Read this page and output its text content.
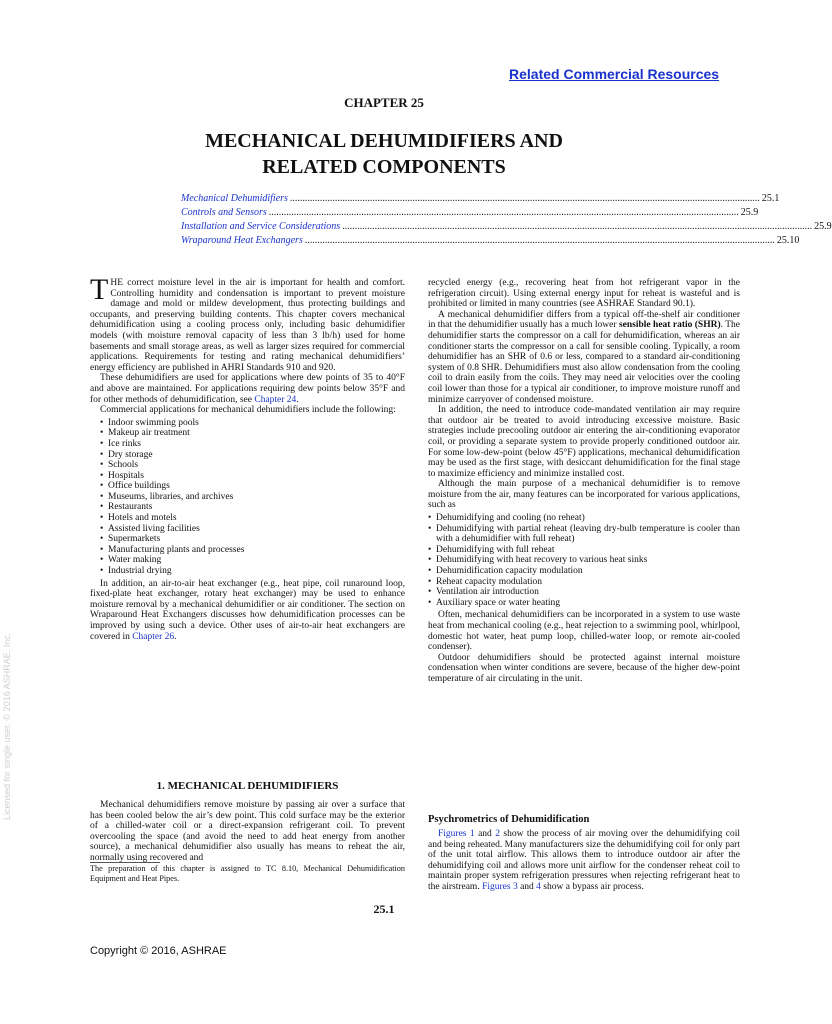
Related Commercial Resources
CHAPTER 25
MECHANICAL DEHUMIDIFIERS AND
RELATED COMPONENTS
Mechanical Dehumidifiers ............................................................................................................................................................................................ 25.1
Controls and Sensors ............................................................................................................................................................................................ 25.9
Installation and Service Considerations ............................................................................................................................................................................................ 25.9
Wraparound Heat Exchangers ............................................................................................................................................................................................ 25.10
Licensed for single user. © 2016 ASHRAE, Inc.

THE correct moisture level in the air is important for health and comfort. Controlling humidity and condensation is important to prevent moisture damage and mold or mildew development, thus protecting buildings and occupants, and preserving building contents. This chapter covers mechanical dehumidification using a cooling process only, including basic dehumidifier models (with moisture removal capacity of less than 3 lb/h) used for home basements and small storage areas, as well as larger sizes required for commercial applications. Requirements for testing and rating mechanical dehumidifiers’ energy efficiency are published in AHRI Standards 910 and 920.

These dehumidifiers are used for applications where dew points of 35 to 40°F and above are maintained. For applications requiring dew points below 35°F and for other methods of dehumidification, see Chapter 24.

Commercial applications for mechanical dehumidifiers include the following:

• Indoor swimming pools
• Makeup air treatment
• Ice rinks
• Dry storage
• Schools
• Hospitals
• Office buildings
• Museums, libraries, and archives
• Restaurants
• Hotels and motels
• Assisted living facilities
• Supermarkets
• Manufacturing plants and processes
• Water making
• Industrial drying

In addition, an air-to-air heat exchanger (e.g., heat pipe, coil runaround loop, fixed-plate heat exchanger, rotary heat exchanger) may be used to enhance moisture removal by a mechanical dehumidifier or air conditioner. The section on Wraparound Heat Exchangers discusses how dehumidification processes can be improved by using such a device. Other uses of air-to-air heat exchangers are covered in Chapter 26.

1. MECHANICAL DEHUMIDIFIERS

Mechanical dehumidifiers remove moisture by passing air over a surface that has been cooled below the air’s dew point. This cold surface may be the exterior of a chilled-water coil or a direct-expansion refrigerant coil. To prevent overcooling the space (and avoid the need to add heat energy from another source), a mechanical dehumidifier also usually has means to reheat the air, normally using recovered and

The preparation of this chapter is assigned to TC 8.10, Mechanical Dehumidification Equipment and Heat Pipes.

recycled energy (e.g., recovering heat from hot refrigerant vapor in the refrigeration circuit). Using external energy input for reheat is wasteful and is prohibited or limited in many countries (see ASHRAE Standard 90.1).

A mechanical dehumidifier differs from a typical off-the-shelf air conditioner in that the dehumidifier usually has a much lower sensible heat ratio (SHR). The dehumidifier starts the compressor on a call for dehumidification, whereas an air conditioner starts the compressor on a call for sensible cooling. Typically, a room dehumidifier has an SHR of 0.6 or less, compared to a standard air-conditioning system of 0.8 SHR. Dehumidifiers must also allow condensation from the cooling coil to drain easily from the coils. They may need air velocities over the cooling coil lower than those for a typical air conditioner, to improve moisture runoff and minimize carryover of condensed moisture.

In addition, the need to introduce code-mandated ventilation air may require that outdoor air be treated to avoid introducing excessive moisture. Basic strategies include precooling outdoor air entering the air-conditioning evaporator coil, or providing a separate system to provide properly conditioned outdoor air. For some low-dew-point (below 45°F) applications, mechanical dehumidification may be used as the first stage, with desiccant dehumidification for the final stage to maximize efficiency and minimize installed cost.

Although the main purpose of a mechanical dehumidifier is to remove moisture from the air, many features can be incorporated for various applications, such as

• Dehumidifying and cooling (no reheat)
• Dehumidifying with partial reheat (leaving dry-bulb temperature is cooler than with a dehumidifier with full reheat)
• Dehumidifying with full reheat
• Dehumidifying with heat recovery to various heat sinks
• Dehumidification capacity modulation
• Reheat capacity modulation
• Ventilation air introduction
• Auxiliary space or water heating

Often, mechanical dehumidifiers can be incorporated in a system to use waste heat from mechanical cooling (e.g., heat rejection to a swimming pool, whirlpool, domestic hot water, heat pump loop, chilled-water loop, or remote air-cooled condenser).

Outdoor dehumidifiers should be protected against internal moisture condensation when winter conditions are severe, because of the higher dew-point temperature of air circulating in the unit.

Psychrometrics of Dehumidification

Figures 1 and 2 show the process of air moving over the dehumidifying coil and being reheated. Many manufacturers size the dehumidifying coil for only part of the unit total airflow. This allows them to introduce outdoor air after the dehumidifying coil and allows more unit airflow for the condenser reheat coil to maintain proper system refrigeration pressures when rejecting refrigerant heat to the airstream. Figures 3 and 4 show a bypass air process.

25.1
Copyright © 2016, ASHRAE
